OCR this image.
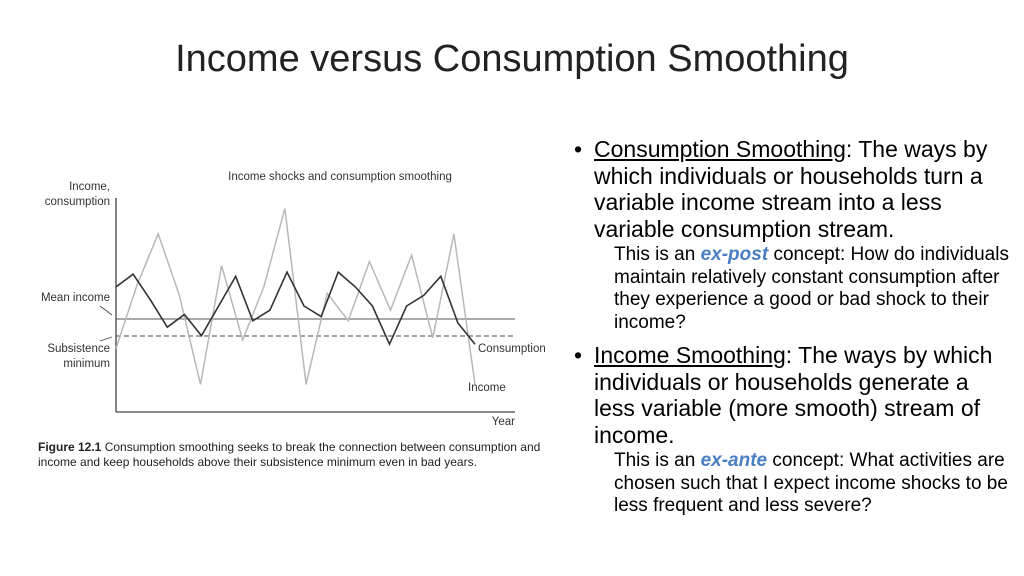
Income versus Consumption Smoothing
Income shocks and consumption smoothing
Income,
consumption
Year
Mean income
Subsistence
minimum
Consumption
Income
Figure 12.1 Consumption smoothing seeks to break the connection between consumption and income and keep households above their subsistence minimum even in bad years.
• Consumption Smoothing: The ways by which individuals or households turn a variable income stream into a less variable consumption stream.
This is an ex-post concept: How do individuals maintain relatively constant consumption after they experience a good or bad shock to their income?
• Income Smoothing: The ways by which individuals or households generate a less variable (more smooth) stream of income.
This is an ex-ante concept: What activities are chosen such that I expect income shocks to be less frequent and less severe?
